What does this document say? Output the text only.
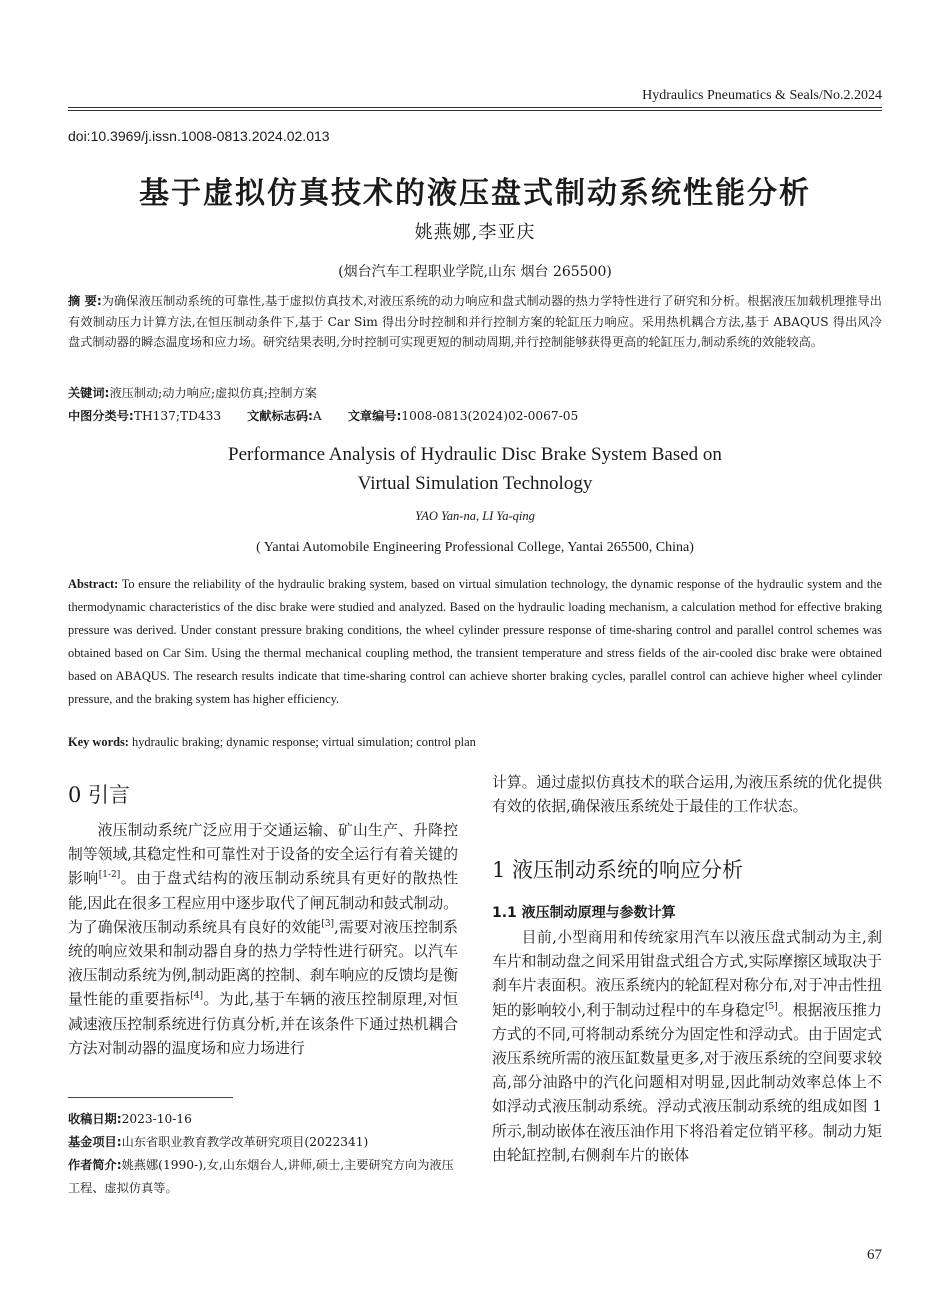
Hydraulics Pneumatics & Seals/No.2.2024
doi:10.3969/j.issn.1008-0813.2024.02.013
基于虚拟仿真技术的液压盘式制动系统性能分析
姚燕娜,李亚庆
(烟台汽车工程职业学院,山东 烟台 265500)
摘 要:为确保液压制动系统的可靠性,基于虚拟仿真技术,对液压系统的动力响应和盘式制动器的热力学特性进行了研究和分析。根据液压加载机理推导出有效制动压力计算方法,在恒压制动条件下,基于 Car Sim 得出分时控制和并行控制方案的轮缸压力响应。采用热机耦合方法,基于 ABAQUS 得出风冷盘式制动器的瞬态温度场和应力场。研究结果表明,分时控制可实现更短的制动周期,并行控制能够获得更高的轮缸压力,制动系统的效能较高。
关键词:液压制动;动力响应;虚拟仿真;控制方案
中图分类号:TH137;TD433 文献标志码:A 文章编号:1008-0813(2024)02-0067-05
Performance Analysis of Hydraulic Disc Brake System Based on
Virtual Simulation Technology
YAO Yan-na, LI Ya-qing
( Yantai Automobile Engineering Professional College, Yantai 265500, China)
Abstract: To ensure the reliability of the hydraulic braking system, based on virtual simulation technology, the dynamic response of the hydraulic system and the thermodynamic characteristics of the disc brake were studied and analyzed. Based on the hydraulic loading mechanism, a calculation method for effective braking pressure was derived. Under constant pressure braking conditions, the wheel cylinder pressure response of time-sharing control and parallel control schemes was obtained based on Car Sim. Using the thermal mechanical coupling method, the transient temperature and stress fields of the air-cooled disc brake were obtained based on ABAQUS. The research results indicate that time-sharing control can achieve shorter braking cycles, parallel control can achieve higher wheel cylinder pressure, and the braking system has higher efficiency.
Key words: hydraulic braking; dynamic response; virtual simulation; control plan
0 引言
液压制动系统广泛应用于交通运输、矿山生产、升降控制等领域,其稳定性和可靠性对于设备的安全运行有着关键的影响[1-2]。由于盘式结构的液压制动系统具有更好的散热性能,因此在很多工程应用中逐步取代了闸瓦制动和鼓式制动。为了确保液压制动系统具有良好的效能[3],需要对液压控制系统的响应效果和制动器自身的热力学特性进行研究。以汽车液压制动系统为例,制动距离的控制、刹车响应的反馈均是衡量性能的重要指标[4]。为此,基于车辆的液压控制原理,对恒减速液压控制系统进行仿真分析,并在该条件下通过热机耦合方法对制动器的温度场和应力场进行
计算。通过虚拟仿真技术的联合运用,为液压系统的优化提供有效的依据,确保液压系统处于最佳的工作状态。
1 液压制动系统的响应分析
1.1 液压制动原理与参数计算
目前,小型商用和传统家用汽车以液压盘式制动为主,刹车片和制动盘之间采用钳盘式组合方式,实际摩擦区域取决于刹车片表面积。液压系统内的轮缸程对称分布,对于冲击性扭矩的影响较小,利于制动过程中的车身稳定[5]。根据液压推力方式的不同,可将制动系统分为固定性和浮动式。由于固定式液压系统所需的液压缸数量更多,对于液压系统的空间要求较高,部分油路中的汽化问题相对明显,因此制动效率总体上不如浮动式液压制动系统。浮动式液压制动系统的组成如图 1 所示,制动嵌体在液压油作用下将沿着定位销平移。制动力矩由轮缸控制,右侧刹车片的嵌体
收稿日期:2023-10-16
基金项目:山东省职业教育教学改革研究项目(2022341)
作者简介:姚燕娜(1990-),女,山东烟台人,讲师,硕士,主要研究方向为液压工程、虚拟仿真等。
67
